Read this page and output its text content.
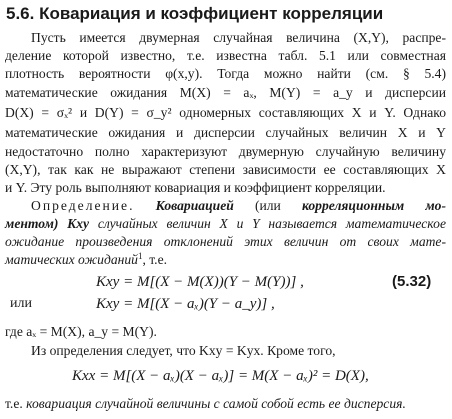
5.6. Ковариация и коэффициент корреляции
Пусть имеется двумерная случайная величина (X,Y), распре-
деление которой известно, т.е. известна табл. 5.1 или совместная
плотность вероятности φ(x,y). Тогда можно найти (см. § 5.4)
математические ожидания M(X) = aₓ, M(Y) = a_y и дисперсии
D(X) = σₓ² и D(Y) = σ_y² одномерных составляющих X и Y. Однако
математические ожидания и дисперсии случайных величин X и Y
недостаточно полно характеризуют двумерную случайную величину
(X,Y), так как не выражают степени зависимости ее составляющих X
и Y. Эту роль выполняют ковариация и коэффициент корреляции.
Определение. Ковариацией (или корреляционным мо-
ментом) Kxy случайных величин X и Y называется математическое
ожидание произведения отклонений этих величин от своих мате-
матических ожиданий$^1$, т.е.
Kxy = M[(X − M(X))(Y − M(Y))] ,	(5.32)
или	Kxy = M[(X − aₓ)(Y − a_y)] ,
где aₓ = M(X), a_y = M(Y).
Из определения следует, что Kxy = Kyx. Кроме того,
Kxx = M[(X − aₓ)(X − aₓ)] = M(X − aₓ)² = D(X),
т.е. ковариация случайной величины с самой собой есть ее дисперсия.
